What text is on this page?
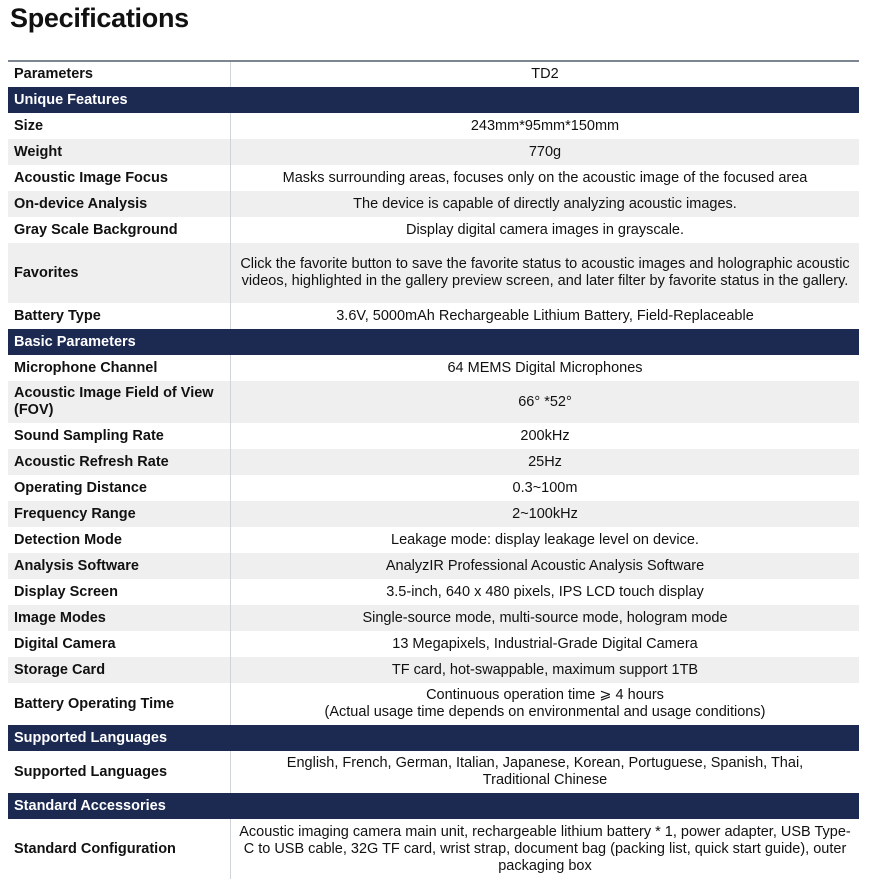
Specifications
Parameters	TD2
Unique Features	
Size	243mm*95mm*150mm
Weight	770g
Acoustic Image Focus	Masks surrounding areas, focuses only on the acoustic image of the focused area
On-device Analysis	The device is capable of directly analyzing acoustic images.
Gray Scale Background	Display digital camera images in grayscale.
Favorites	Click the favorite button to save the favorite status to acoustic images and holographic acoustic videos, highlighted in the gallery preview screen, and later filter by favorite status in the gallery.
Battery Type	3.6V, 5000mAh Rechargeable Lithium Battery, Field-Replaceable
Basic Parameters	
Microphone Channel	64 MEMS Digital Microphones
Acoustic Image Field of View (FOV)	66° *52°
Sound Sampling Rate	200kHz
Acoustic Refresh Rate	25Hz
Operating Distance	0.3~100m
Frequency Range	2~100kHz
Detection Mode	Leakage mode: display leakage level on device.
Analysis Software	AnalyzIR Professional Acoustic Analysis Software
Display Screen	3.5-inch, 640 x 480 pixels, IPS LCD touch display
Image Modes	Single-source mode, multi-source mode, hologram mode
Digital Camera	13 Megapixels, Industrial-Grade Digital Camera
Storage Card	TF card, hot-swappable, maximum support 1TB
Battery Operating Time	Continuous operation time ⩾ 4 hours
(Actual usage time depends on environmental and usage conditions)
Supported Languages	
Supported Languages	English, French, German, Italian, Japanese, Korean, Portuguese, Spanish, Thai, Traditional Chinese
Standard Accessories	
Standard Configuration	Acoustic imaging camera main unit, rechargeable lithium battery * 1, power adapter, USB Type-C to USB cable, 32G TF card, wrist strap, document bag (packing list, quick start guide), outer packaging box
